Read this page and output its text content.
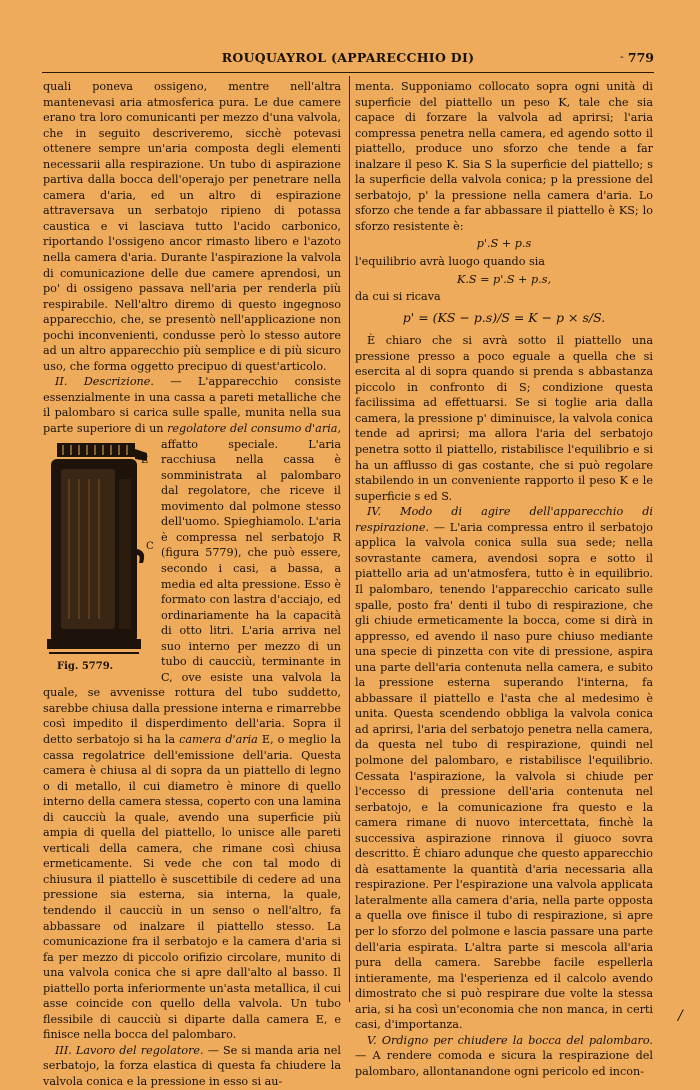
ROUQUAYROL (APPARECCHIO DI)	- 779

quali poneva ossigeno, mentre nell'altra mantenevasi aria atmosferica pura. Le due camere erano tra loro comunicanti per mezzo d'una valvola, che in seguito descriveremo, sicchè potevasi ottenere sempre un'aria composta degli elementi necessarii alla respirazione. Un tubo di aspirazione partiva dalla bocca dell'operajo per penetrare nella camera d'aria, ed un altro di espirazione attraversava un serbatojo ripieno di potassa caustica e vi lasciava tutto l'acido carbonico, riportando l'ossigeno ancor rimasto libero e l'azoto nella camera d'aria. Durante l'aspirazione la valvola di comunicazione delle due camere aprendosi, un po' di ossigeno passava nell'aria per renderla più respirabile. Nell'altro diremo di questo ingegnoso apparecchio, che, se presentò nell'applicazione non pochi inconvenienti, condusse però lo stesso autore ad un altro apparecchio più semplice e di più sicuro uso, che forma oggetto precipuo di quest'articolo.

II. Descrizione. — L'apparecchio consiste essenzialmente in una cassa a pareti metalliche che il palombaro si carica sulle spalle, munita nella sua parte superiore di un regolatore del consumo d'aria,
E
C
Fig. 5779.
affatto speciale. L'aria racchiusa nella cassa è somministrata al palombaro dal regolatore, che riceve il movimento dal polmone stesso dell'uomo. Spieghiamolo. L'aria è compressa nel serbatojo R (figura 5779), che può essere, secondo i casi, a bassa, a media ed alta pressione. Esso è formato con lastra d'acciajo, ed ordinariamente ha la capacità di otto litri. L'aria arriva nel suo interno per mezzo di un tubo di caucciù, terminante in C, ove esiste una valvola la quale, se avvenisse rottura del tubo suddetto, sarebbe chiusa dalla pressione interna e rimarrebbe così impedito il disperdimento dell'aria. Sopra il detto serbatojo si ha la camera d'aria E, o meglio la cassa regolatrice dell'emissione dell'aria. Questa camera è chiusa al di sopra da un piattello di legno o di metallo, il cui diametro è minore di quello interno della camera stessa, coperto con una lamina di caucciù la quale, avendo una superficie più ampia di quella del piattello, lo unisce alle pareti verticali della camera, che rimane così chiusa ermeticamente. Si vede che con tal modo di chiusura il piattello è suscettibile di cedere ad una pressione sia esterna, sia interna, la quale, tendendo il caucciù in un senso o nell'altro, fa abbassare od inalzare il piattello stesso. La comunicazione fra il serbatojo e la camera d'aria si fa per mezzo di piccolo orifizio circolare, munito di una valvola conica che si apre dall'alto al basso. Il piattello porta inferiormente un'asta metallica, il cui asse coincide con quello della valvola. Un tubo flessibile di caucciù si diparte dalla camera E, e finisce nella bocca del palombaro.

III. Lavoro del regolatore. — Se si manda aria nel serbatojo, la forza elastica di questa fa chiudere la valvola conica e la pressione in esso si au-

menta. Supponiamo collocato sopra ogni unità di superficie del piattello un peso K, tale che sia capace di forzare la valvola ad aprirsi; l'aria compressa penetra nella camera, ed agendo sotto il piattello, produce uno sforzo che tende a far inalzare il peso K. Sia S la superficie del piattello; s la superficie della valvola conica; p la pressione del serbatojo, p' la pressione nella camera d'aria. Lo sforzo che tende a far abbassare il piattello è KS; lo sforzo resistente è:

p'.S + p.s

l'equilibrio avrà luogo quando sia

K.S = p'.S + p.s,

da cui si ricava

p' = (KS − p.s)/S = K − p × s/S.

È chiaro che si avrà sotto il piattello una pressione presso a poco eguale a quella che si esercita al di sopra quando si prenda s abbastanza piccolo in confronto di S; condizione questa facilissima ad effettuarsi. Se si toglie aria dalla camera, la pressione p' diminuisce, la valvola conica tende ad aprirsi; ma allora l'aria del serbatojo penetra sotto il piattello, ristabilisce l'equilibrio e si ha un afflusso di gas costante, che si può regolare stabilendo in un conveniente rapporto il peso K e le superficie s ed S.

IV. Modo di agire dell'apparecchio di respirazione. — L'aria compressa entro il serbatojo applica la valvola conica sulla sua sede; nella sovrastante camera, avendosi sopra e sotto il piattello aria ad un'atmosfera, tutto è in equilibrio. Il palombaro, tenendo l'apparecchio caricato sulle spalle, posto fra' denti il tubo di respirazione, che gli chiude ermeticamente la bocca, come si dirà in appresso, ed avendo il naso pure chiuso mediante una specie di pinzetta con vite di pressione, aspira una parte dell'aria contenuta nella camera, e subito la pressione esterna superando l'interna, fa abbassare il piattello e l'asta che al medesimo è unita. Questa scendendo obbliga la valvola conica ad aprirsi, l'aria del serbatojo penetra nella camera, da questa nel tubo di respirazione, quindi nel polmone del palombaro, e ristabilisce l'equilibrio. Cessata l'aspirazione, la valvola si chiude per l'eccesso di pressione dell'aria contenuta nel serbatojo, e la comunicazione fra questo e la camera rimane di nuovo intercettata, finchè la successiva aspirazione rinnova il giuoco sovra descritto. È chiaro adunque che questo apparecchio dà esattamente la quantità d'aria necessaria alla respirazione. Per l'espirazione una valvola applicata lateralmente alla camera d'aria, nella parte opposta a quella ove finisce il tubo di respirazione, si apre per lo sforzo del polmone e lascia passare una parte dell'aria espirata. L'altra parte si mescola all'aria pura della camera. Sarebbe facile espellerla intieramente, ma l'esperienza ed il calcolo avendo dimostrato che si può respirare due volte la stessa aria, si ha così un'economia che non manca, in certi casi, d'importanza.

V. Ordigno per chiudere la bocca del palombaro. — A rendere comoda e sicura la respirazione del palombaro, allontanandone ogni pericolo ed incon-

/
